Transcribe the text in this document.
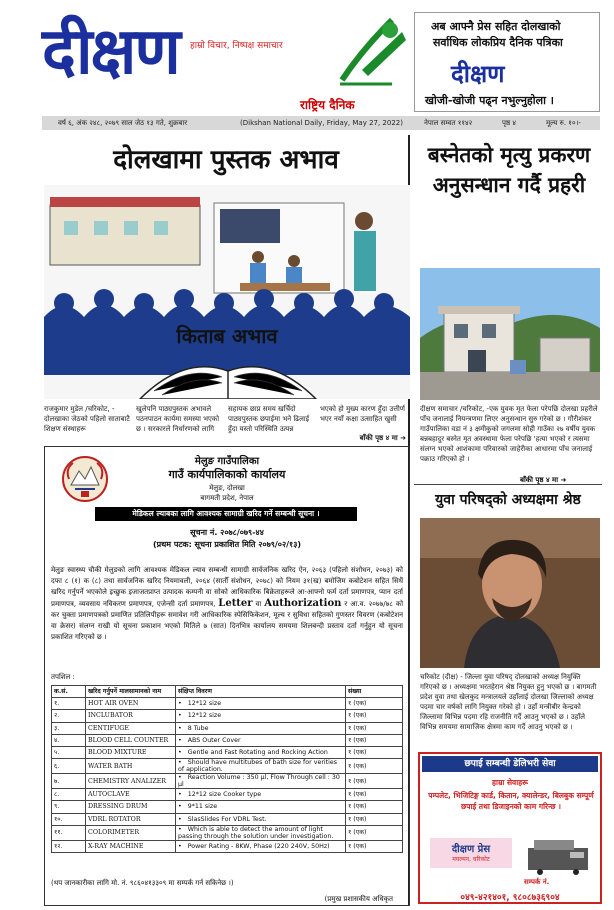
दीक्षण हाम्रो विचार, निष्पक्ष समाचार
राष्ट्रिय दैनिक
अब आफ्नै प्रेस सहित दोलखाको
सर्वाधिक लोकप्रिय दैनिक पत्रिका
दीक्षण
खोजी-खोजी पढ्न नभुल्नुहोला ।
वर्ष ६, अंक २४८, २०७९ साल जेठ १३ गते, शुक्रबार	(Dikshan National Daily, Friday, May 27, 2022)	नेपाल सम्वत ११४२	पृष्ठ ४	मूल्य रु. १०।-
दोलखामा पुस्तक अभाव
किताब अभाव
राजकुमार मुडेल /चरिकोट, - दोलखाका जेठको पहिलो साताबाटै शिक्षण संस्थाहरू
खुलेपनि पाठ्यपुस्तक अभावले पठनपाठन कार्यमा समस्या भएको छ । सरकारले निर्धारणको लागि
सहायक छाप्न समय खर्चिदो पाठ्यपुस्तक छपाईमा भने ढिलाई हुँदा यस्तो परिस्थिति उत्पन्न
भएको हो मुख्य कारण हुँदा उत्तीर्ण भएर नयाँ कक्षा उत्साहित खुसी
बाँकी पृष्ठ ४ मा ➜
मेलुङ गाउँपालिका
गाउँ कार्यपालिकाको कार्यालय
मेलुङ, दोलखा
बागमती प्रदेश, नेपाल
मेडिकल ल्याबका लागि आवश्यक सामाग्री खरिद गर्ने सम्बन्धी सूचना ।
सूचना नं. २०७८/०७९-४४
(प्रथम पटक: सूचना प्रकाशित मिति २०७९/०२/१३)
मेलुङ स्वास्थ्य चौकी मेलुङको लागि आवश्यक मेडिकल ल्याव सम्बन्धी सामाग्री सार्वजनिक खरिद ऐन, २०६३ (पहिलो संशोधन, २०७३) को दफा ८ (१) क (८) तथा सार्वजनिक खरिद नियमावली, २०६४ (सातौँ संशोधन, २०७८) को नियम ३१(ख) बमोजिम कबोटेशन सहित सिधैं खरिद गर्नुपर्ने भएकोले इच्छुक इजाजतप्राप्त उत्पादक कम्पनी वा सोको आधिकारिक बिक्रेताहरूले आ-आफ्नो फर्म दर्ता प्रमाणपत्र, प्यान दर्ता प्रमाणपत्र, व्यवसाय नविकरण प्रमाणपत्र, एजेन्सी दर्ता प्रमाणपत्र, Letter वा Authorization र आ.व. २०७७/७८ को कर चुक्ता प्रमाणपत्रको प्रमाणित प्रतिलिपीहरू समावेश गरी आधिकारिक स्पेसिफिकेशन, मूल्य र सुविधा सहितको गुणस्तर विवरण (कबोटेशन वा क्रेसर) संलग्न राखी यो सूचना प्रकाशन भएको मितिले ७ (सात) दिनभित्र कार्यालय समयमा शिलबन्दी प्रस्ताव दर्ता गर्नुहुन यो सूचना प्रकाशित गरिएको छ ।
तपशिल :
क.सं.	खरिद गर्नुपर्ने मालसामानको नाम	संक्षिप्त विवरण	संख्या
१.	HOT AIR OVEN	• 12*12 size	१ (एक)
२.	INCLUBATOR	• 12*12 size	१ (एक)
३.	CENTIFUGE	• 8 Tube	१ (एक)
४.	BLOOD CELL COUNTER	• ABS Outer Cover	१ (एक)
५.	BLOOD MIXTURE	• Gentle and Fast Rotating and Rocking Action	१ (एक)
६.	WATER BATH	• Should have multitubes of bath size for verities of application.	१ (एक)
७.	CHEMISTRY ANALIZER	• Reaction Volume : 350 µl, Flow Through cell : 30 µl	१ (एक)
८.	AUTOCLAVE	• 12*12 size Cooker type	१ (एक)
९.	DRESSING DRUM	• 9*11 size	१ (एक)
१०.	VDRL ROTATOR	• SlasSlides For VDRL Test.	१ (एक)
११.	COLORIMETER	• Which is able to detect the amount of light passing through the solution under investigation.	१ (एक)
१२.	X-RAY MACHINE	• Power Rating - 8KW, Phase (220 240V, 50Hz)	१ (एक)
(थप जानकारीका लागि मो. नं. ९८६०४१३३०९ मा सम्पर्क गर्न सकिनेछ ।)
(प्रमुख प्रशासकीय अधिकृत
बस्नेतको मृत्यु प्रकरण अनुसन्धान गर्दै प्रहरी
दीक्षण समाचार /चरिकोट, -एक युवक मृत फेला परेपछि दोलखा प्रहरीले पाँच जनालाई नियन्त्रणमा लिएर अनुसन्धान सुरु गरेको छ । गौरीशंकर गाउँपालिका वडा नं ३ क्षमीकुको जगलमा सोही गाउँका २७ वर्षीय युवक बन्नबहादुर बस्नेत मृत अवस्थामा फेला परेपछि 'हत्या भएको र त्यसमा संलग्न भएको आशंकामा परिवारको जाहेरीका आधारमा पाँच जनालाई पक्राउ गरिएको हो ।
बाँकी पृष्ठ ४ मा ➜
युवा परिषद्को अध्यक्षमा श्रेष्ठ
चरिकोट (दीक्ष) - जिल्ला युवा परिषद् दोलखाको अध्यक्ष नियुक्ति गरिएको छ । अध्यक्षमा भरतहेरान श्रेष्ठ नियुक्त हुनु भएको छ । बागमती प्रदेश युवा तथा खेलकुद मन्त्रालयले उहाँलाई दोलखा जिल्लाको अध्यक्ष पदमा चार वर्षको लागि नियुक्त गरेको हो । उहाँ मन्त्रीबीर केन्द्रको जिल्लामा विभिन्न पदमा रहि राजनीति गर्दै आउनु भएको छ । उहाँले विभिन्न समयमा सामाजिक क्षेत्रमा काम गर्दै आउनु भएको छ ।
छपाई सम्बन्धी डेलिभरी सेवा
हाम्रा सेवाहरू
पम्पलेट, भिजिटिङ्ग कार्ड, कितान, क्यालेन्डर, बिलबुक सम्पूर्ण छपाई तथा डिजाइनको काम गरिन्छ ।
दीक्षण प्रेस
मयल्मन, चरिकोट
सम्पर्क नं.
०४९-४२१४०१, ९८०८७३६९०४
